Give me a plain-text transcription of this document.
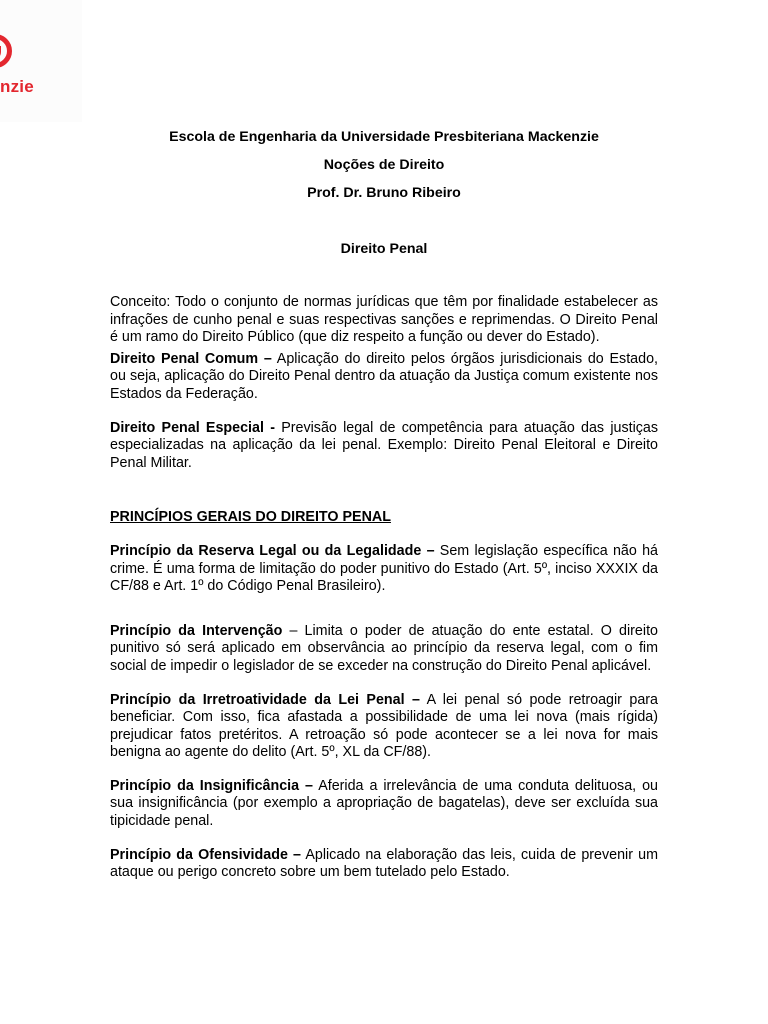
nzie
Escola de Engenharia da Universidade Presbiteriana Mackenzie
Noções de Direito
Prof. Dr. Bruno Ribeiro
Direito Penal

Conceito: Todo o conjunto de normas jurídicas que têm por finalidade estabelecer as infrações de cunho penal e suas respectivas sanções e reprimendas. O Direito Penal é um ramo do Direito Público (que diz respeito a função ou dever do Estado).

Direito Penal Comum – Aplicação do direito pelos órgãos jurisdicionais do Estado, ou seja, aplicação do Direito Penal dentro da atuação da Justiça comum existente nos Estados da Federação.

Direito Penal Especial - Previsão legal de competência para atuação das justiças especializadas na aplicação da lei penal. Exemplo: Direito Penal Eleitoral e Direito Penal Militar.

PRINCÍPIOS GERAIS DO DIREITO PENAL

Princípio da Reserva Legal ou da Legalidade – Sem legislação específica não há crime. É uma forma de limitação do poder punitivo do Estado (Art. 5º, inciso XXXIX da CF/88 e Art. 1º do Código Penal Brasileiro).

Princípio da Intervenção – Limita o poder de atuação do ente estatal. O direito punitivo só será aplicado em observância ao princípio da reserva legal, com o fim social de impedir o legislador de se exceder na construção do Direito Penal aplicável.

Princípio da Irretroatividade da Lei Penal – A lei penal só pode retroagir para beneficiar. Com isso, fica afastada a possibilidade de uma lei nova (mais rígida) prejudicar fatos pretéritos. A retroação só pode acontecer se a lei nova for mais benigna ao agente do delito (Art. 5º, XL da CF/88).

Princípio da Insignificância – Aferida a irrelevância de uma conduta delituosa, ou sua insignificância (por exemplo a apropriação de bagatelas), deve ser excluída sua tipicidade penal.

Princípio da Ofensividade – Aplicado na elaboração das leis, cuida de prevenir um ataque ou perigo concreto sobre um bem tutelado pelo Estado.
